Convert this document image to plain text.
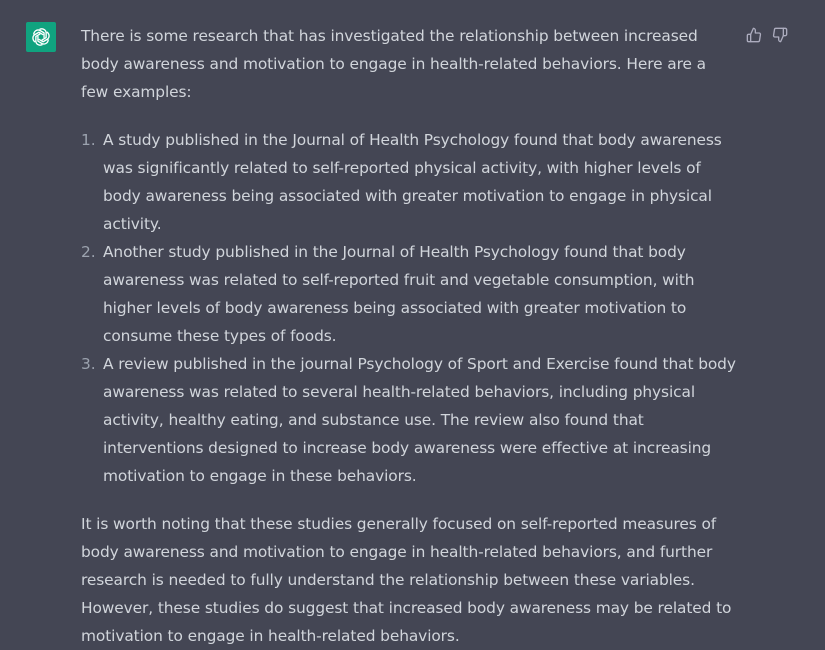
There is some research that has investigated the relationship between increased body awareness and motivation to engage in health-related behaviors. Here are a few examples:

1. A study published in the Journal of Health Psychology found that body awareness was significantly related to self-reported physical activity, with higher levels of body awareness being associated with greater motivation to engage in physical activity.
2. Another study published in the Journal of Health Psychology found that body awareness was related to self-reported fruit and vegetable consumption, with higher levels of body awareness being associated with greater motivation to consume these types of foods.
3. A review published in the journal Psychology of Sport and Exercise found that body awareness was related to several health-related behaviors, including physical activity, healthy eating, and substance use. The review also found that interventions designed to increase body awareness were effective at increasing motivation to engage in these behaviors.

It is worth noting that these studies generally focused on self-reported measures of body awareness and motivation to engage in health-related behaviors, and further research is needed to fully understand the relationship between these variables. However, these studies do suggest that increased body awareness may be related to motivation to engage in health-related behaviors.
